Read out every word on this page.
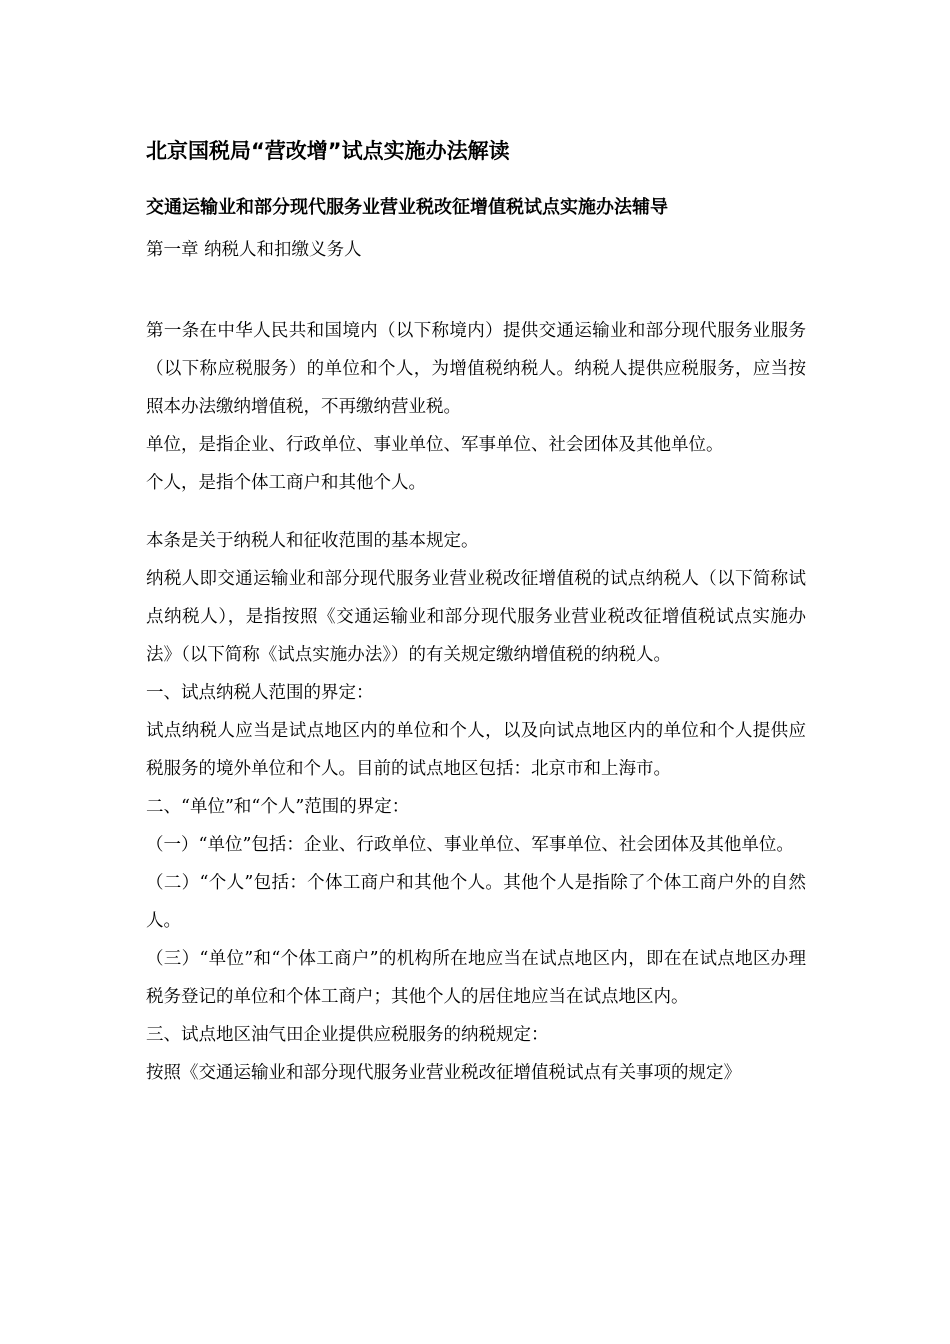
北京国税局“营改增”试点实施办法解读
交通运输业和部分现代服务业营业税改征增值税试点实施办法辅导
第一章 纳税人和扣缴义务人

第一条在中华人民共和国境内（以下称境内）提供交通运输业和部分现代服务业服务（以下称应税服务）的单位和个人，为增值税纳税人。纳税人提供应税服务，应当按照本办法缴纳增值税，不再缴纳营业税。

单位，是指企业、行政单位、事业单位、军事单位、社会团体及其他单位。

个人，是指个体工商户和其他个人。

本条是关于纳税人和征收范围的基本规定。

纳税人即交通运输业和部分现代服务业营业税改征增值税的试点纳税人（以下简称试点纳税人），是指按照《交通运输业和部分现代服务业营业税改征增值税试点实施办法》（以下简称《试点实施办法》）的有关规定缴纳增值税的纳税人。

一、试点纳税人范围的界定：

试点纳税人应当是试点地区内的单位和个人，以及向试点地区内的单位和个人提供应税服务的境外单位和个人。目前的试点地区包括：北京市和上海市。

二、“单位”和“个人”范围的界定：

（一）“单位”包括：企业、行政单位、事业单位、军事单位、社会团体及其他单位。

（二）“个人”包括：个体工商户和其他个人。其他个人是指除了个体工商户外的自然人。

（三）“单位”和“个体工商户”的机构所在地应当在试点地区内，即在在试点地区办理税务登记的单位和个体工商户；其他个人的居住地应当在试点地区内。

三、试点地区油气田企业提供应税服务的纳税规定：

按照《交通运输业和部分现代服务业营业税改征增值税试点有关事项的规定》
